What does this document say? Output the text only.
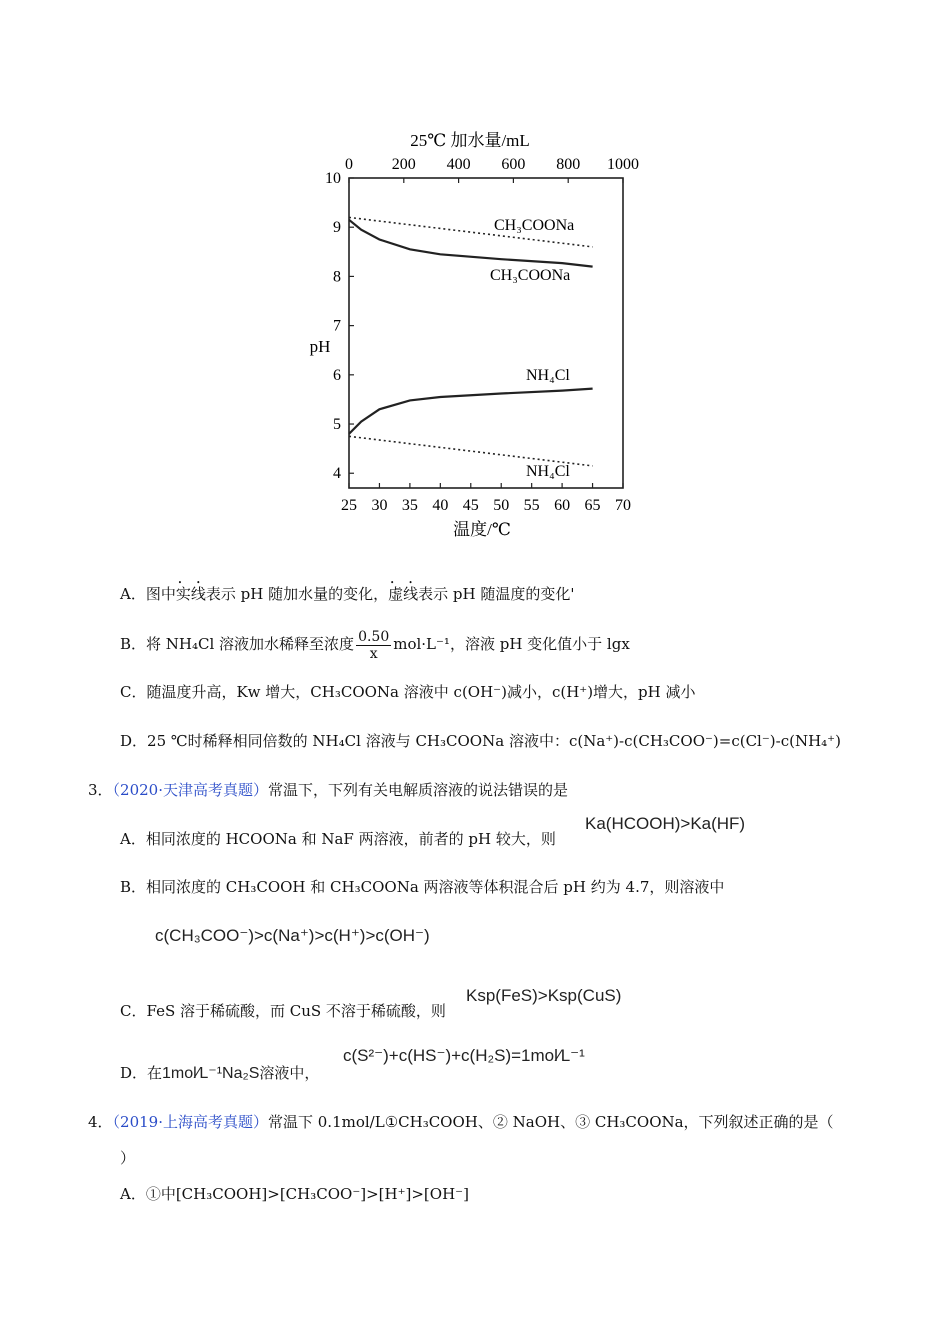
25℃ 加水量/mL
0 200 400 600 800 1000
25 30 35 40 45 50 55 60 65 70
4
5
6
7
8
9
10
pH
温度/℃
CH₃COONa
CH₃COONa
NH₄Cl
NH₄Cl
A．图中• • 实线表示 pH 随加水量的变化，• • 虚线表示 pH 随温度的变化'
B．将 NH₄Cl 溶液加水稀释至浓度 $\frac{0.50}{x} mol\cdot L^{-1}$，溶液 pH 变化值小于 lgx
C．随温度升高，Kw 增大，CH₃COONa 溶液中 c(OH⁻)减小，c(H⁺)增大，pH 减小
D．25 ℃时稀释相同倍数的 NH₄Cl 溶液与 CH₃COONa 溶液中：c(Na⁺)-c(CH₃COO⁻)=c(Cl⁻)-c(NH₄⁺)
3．（2020·天津高考真题）常温下，下列有关电解质溶液的说法错误的是
A．相同浓度的 HCOONa 和 NaF 两溶液，前者的 pH 较大，则
Ka(HCOOH)>Ka(HF)
B．相同浓度的 CH₃COOH 和 CH₃COONa 两溶液等体积混合后 pH 约为 4.7，则溶液中
c(CH₃COO⁻)>c(Na⁺)>c(H⁺)>c(OH⁻)
C．FeS 溶于稀硫酸，而 CuS 不溶于稀硫酸，则
Ksp(FeS)>Ksp(CuS)
D．在1mol⁄L⁻¹Na₂S溶液中，
c(S²⁻)+c(HS⁻)+c(H₂S)=1mol⁄L⁻¹
4．（2019·上海高考真题）常温下 0.1mol/L①CH₃COOH、② NaOH、③ CH₃COONa，下列叙述正确的是（
）
A．①中[CH₃COOH]>[CH₃COO⁻]>[H⁺]>[OH⁻]
